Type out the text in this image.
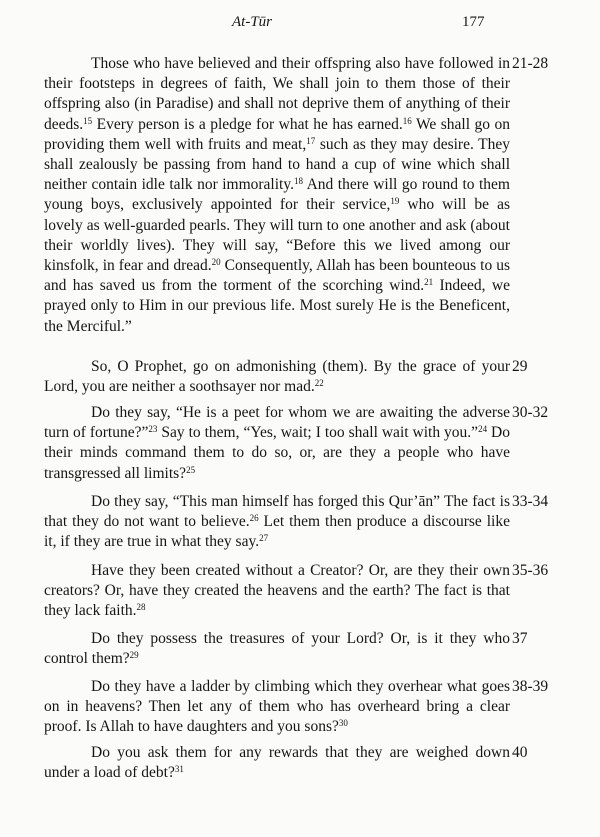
At-Tūr	177

Those who have believed and their offspring also have followed in their footsteps in degrees of faith, We shall join to them those of their offspring also (in Paradise) and shall not deprive them of anything of their deeds.$^{15}$ Every person is a pledge for what he has earned.$^{16}$ We shall go on providing them well with fruits and meat,$^{17}$ such as they may desire. They shall zealously be passing from hand to hand a cup of wine which shall neither contain idle talk nor immorality.$^{18}$ And there will go round to them young boys, exclusively appointed for their service,$^{19}$ who will be as lovely as well-guarded pearls. They will turn to one another and ask (about their worldly lives). They will say, “Before this we lived among our kinsfolk, in fear and dread.$^{20}$ Consequently, Allah has been bounteous to us and has saved us from the torment of the scorching wind.$^{21}$ Indeed, we prayed only to Him in our previous life. Most surely He is the Beneficent, the Merciful.”

21-28

So, O Prophet, go on admonishing (them). By the grace of your Lord, you are neither a soothsayer nor mad.$^{22}$

29

Do they say, “He is a peet for whom we are awaiting the adverse turn of fortune?”$^{23}$ Say to them, “Yes, wait; I too shall wait with you.”$^{24}$ Do their minds command them to do so, or, are they a people who have transgressed all limits?$^{25}$

30-32

Do they say, “This man himself has forged this Qur’ān” The fact is that they do not want to believe.$^{26}$ Let them then produce a discourse like it, if they are true in what they say.$^{27}$

33-34

Have they been created without a Creator? Or, are they their own creators? Or, have they created the heavens and the earth? The fact is that they lack faith.$^{28}$

35-36

Do they possess the treasures of your Lord? Or, is it they who control them?$^{29}$

37

Do they have a ladder by climbing which they overhear what goes on in heavens? Then let any of them who has overheard bring a clear proof. Is Allah to have daughters and you sons?$^{30}$

38-39

Do you ask them for any rewards that they are weighed down under a load of debt?$^{31}$

40
